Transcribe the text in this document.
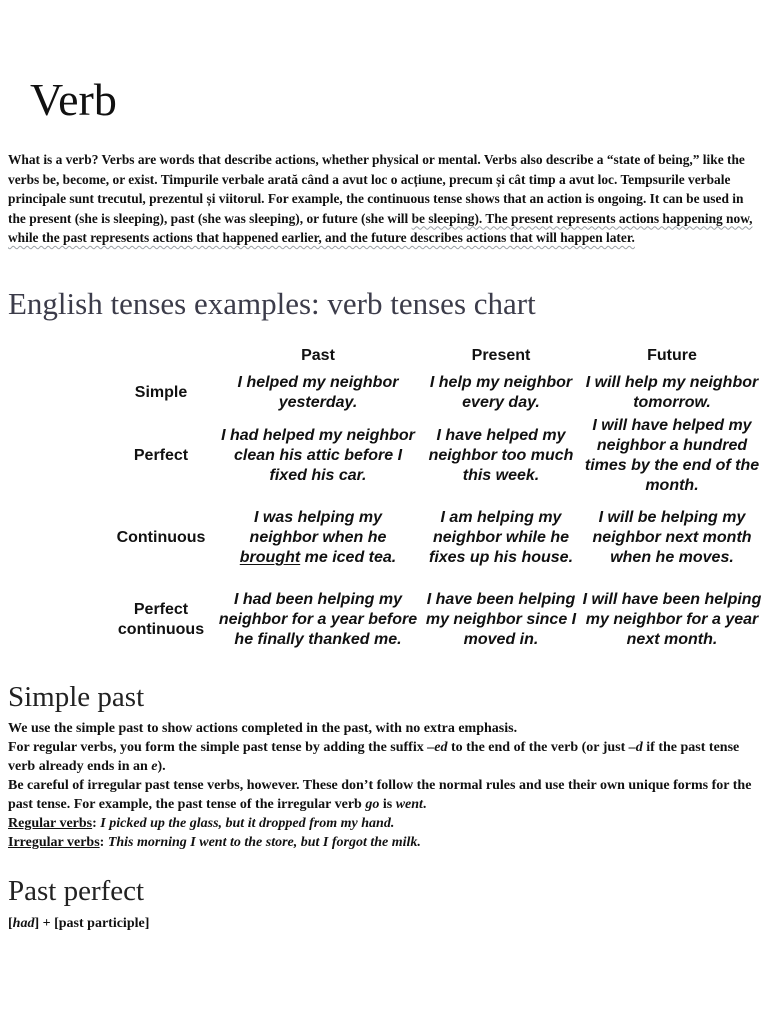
Verb

What is a verb? Verbs are words that describe actions, whether physical or mental. Verbs also describe a “state of being,” like the verbs be, become, or exist. Timpurile verbale arată când a avut loc o acțiune, precum și cât timp a avut loc. Tempsurile verbale principale sunt trecutul, prezentul și viitorul. For example, the continuous tense shows that an action is ongoing. It can be used in the present (she is sleeping), past (she was sleeping), or future (she will be sleeping). The present represents actions happening now, while the past represents actions that happened earlier, and the future describes actions that will happen later.

English tenses examples: verb tenses chart
Past	Present	Future
Simple
I helped my neighbor yesterday.
I help my neighbor every day.
I will help my neighbor tomorrow.
Perfect
I had helped my neighbor clean his attic before I fixed his car.
I have helped my neighbor too much this week.
I will have helped my neighbor a hundred times by the end of the month.
Continuous
I was helping my neighbor when he brought me iced tea.
I am helping my neighbor while he fixes up his house.
I will be helping my neighbor next month when he moves.
Perfect continuous
I had been helping my neighbor for a year before he finally thanked me.
I have been helping my neighbor since I moved in.
I will have been helping my neighbor for a year next month.
Simple past
We use the simple past to show actions completed in the past, with no extra emphasis.
For regular verbs, you form the simple past tense by adding the suffix –ed to the end of the verb (or just –d if the past tense verb already ends in an e).
Be careful of irregular past tense verbs, however. These don’t follow the normal rules and use their own unique forms for the past tense. For example, the past tense of the irregular verb go is went.
Regular verbs: I picked up the glass, but it dropped from my hand.
Irregular verbs: This morning I went to the store, but I forgot the milk.
Past perfect
[had] + [past participle]
